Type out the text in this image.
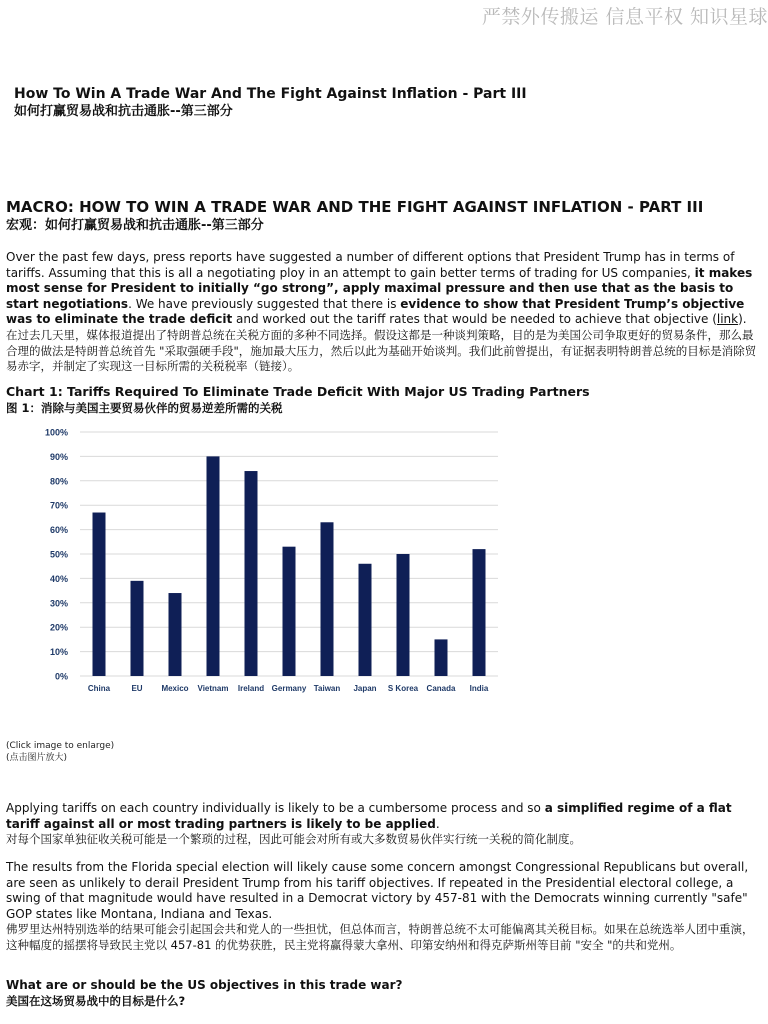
严禁外传搬运 信息平权 知识星球
How To Win A Trade War And The Fight Against Inflation - Part III
如何打赢贸易战和抗击通胀--第三部分
MACRO: HOW TO WIN A TRADE WAR AND THE FIGHT AGAINST INFLATION - PART III
宏观：如何打赢贸易战和抗击通胀--第三部分
Over the past few days, press reports have suggested a number of different options that President Trump has in terms of tariffs. Assuming that this is all a negotiating ploy in an attempt to gain better terms of trading for US companies, it makes most sense for President to initially “go strong”, apply maximal pressure and then use that as the basis to start negotiations. We have previously suggested that there is evidence to show that President Trump’s objective was to eliminate the trade deficit and worked out the tariff rates that would be needed to achieve that objective (link).
在过去几天里，媒体报道提出了特朗普总统在关税方面的多种不同选择。假设这都是一种谈判策略，目的是为美国公司争取更好的贸易条件，那么最合理的做法是特朗普总统首先 "采取强硬手段"，施加最大压力，然后以此为基础开始谈判。我们此前曾提出，有证据表明特朗普总统的目标是消除贸易赤字，并制定了实现这一目标所需的关税税率（链接）。
Chart 1: Tariffs Required To Eliminate Trade Deficit With Major US Trading Partners
图 1：消除与美国主要贸易伙伴的贸易逆差所需的关税
0%
10%
20%
30%
40%
50%
60%
70%
80%
90%
100%
China	EU Mexico Vietnam Ireland Germany Taiwan Japan S Korea Canada India
(Click image to enlarge)
(点击图片放大)
Applying tariffs on each country individually is likely to be a cumbersome process and so a simplified regime of a flat tariff against all or most trading partners is likely to be applied.
对每个国家单独征收关税可能是一个繁琐的过程，因此可能会对所有或大多数贸易伙伴实行统一关税的简化制度。
The results from the Florida special election will likely cause some concern amongst Congressional Republicans but overall, are seen as unlikely to derail President Trump from his tariff objectives. If repeated in the Presidential electoral college, a swing of that magnitude would have resulted in a Democrat victory by 457-81 with the Democrats winning currently "safe" GOP states like Montana, Indiana and Texas.
佛罗里达州特别选举的结果可能会引起国会共和党人的一些担忧，但总体而言，特朗普总统不太可能偏离其关税目标。如果在总统选举人团中重演，这种幅度的摇摆将导致民主党以 457-81 的优势获胜，民主党将赢得蒙大拿州、印第安纳州和得克萨斯州等目前 "安全 "的共和党州。
What are or should be the US objectives in this trade war?
美国在这场贸易战中的目标是什么?
